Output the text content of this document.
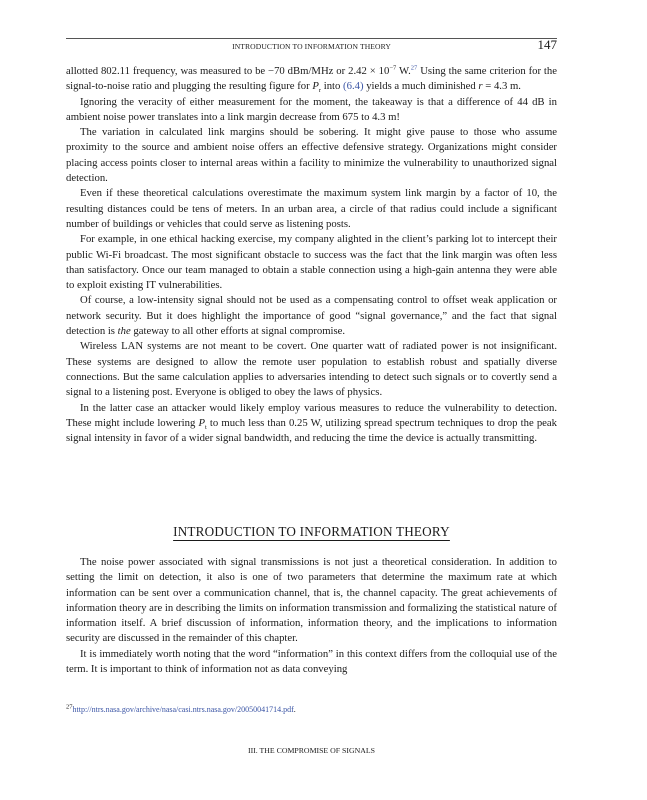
INTRODUCTION TO INFORMATION THEORY	147

allotted 802.11 frequency, was measured to be −70 dBm/MHz or $2.42 \times 10^{-7}$ W.$^{27}$ Using the same criterion for the signal-to-noise ratio and plugging the resulting figure for $P_r$ into (6.4) yields a much diminished r = 4.3 m.

Ignoring the veracity of either measurement for the moment, the takeaway is that a difference of 44 dB in ambient noise power translates into a link margin decrease from 675 to 4.3 m!

The variation in calculated link margins should be sobering. It might give pause to those who assume proximity to the source and ambient noise offers an effective defensive strategy. Organizations might consider placing access points closer to internal areas within a facility to minimize the vulnerability to unauthorized signal detection.

Even if these theoretical calculations overestimate the maximum system link margin by a factor of 10, the resulting distances could be tens of meters. In an urban area, a circle of that radius could include a significant number of buildings or vehicles that could serve as listening posts.

For example, in one ethical hacking exercise, my company alighted in the client’s parking lot to intercept their public Wi-Fi broadcast. The most significant obstacle to success was the fact that the link margin was often less than satisfactory. Once our team managed to obtain a stable connection using a high-gain antenna they were able to exploit existing IT vulnerabilities.

Of course, a low-intensity signal should not be used as a compensating control to offset weak application or network security. But it does highlight the importance of good “signal governance,” and the fact that signal detection is the gateway to all other efforts at signal compromise.

Wireless LAN systems are not meant to be covert. One quarter watt of radiated power is not insignificant. These systems are designed to allow the remote user population to establish robust and spatially diverse connections. But the same calculation applies to adversaries intending to detect such signals or to covertly send a signal to a listening post. Everyone is obliged to obey the laws of physics.

In the latter case an attacker would likely employ various measures to reduce the vulnerability to detection. These might include lowering $P_t$ to much less than 0.25 W, utilizing spread spectrum techniques to drop the peak signal intensity in favor of a wider signal bandwidth, and reducing the time the device is actually transmitting.

INTRODUCTION TO INFORMATION THEORY

The noise power associated with signal transmissions is not just a theoretical consideration. In addition to setting the limit on detection, it also is one of two parameters that determine the maximum rate at which information can be sent over a communication channel, that is, the channel capacity. The great achievements of information theory are in describing the limits on information transmission and formalizing the statistical nature of information itself. A brief discussion of information, information theory, and the implications to information security are discussed in the remainder of this chapter.

It is immediately worth noting that the word “information” in this context differs from the colloquial use of the term. It is important to think of information not as data conveying

$^{27}$http://ntrs.nasa.gov/archive/nasa/casi.ntrs.nasa.gov/20050041714.pdf.
III. THE COMPROMISE OF SIGNALS
